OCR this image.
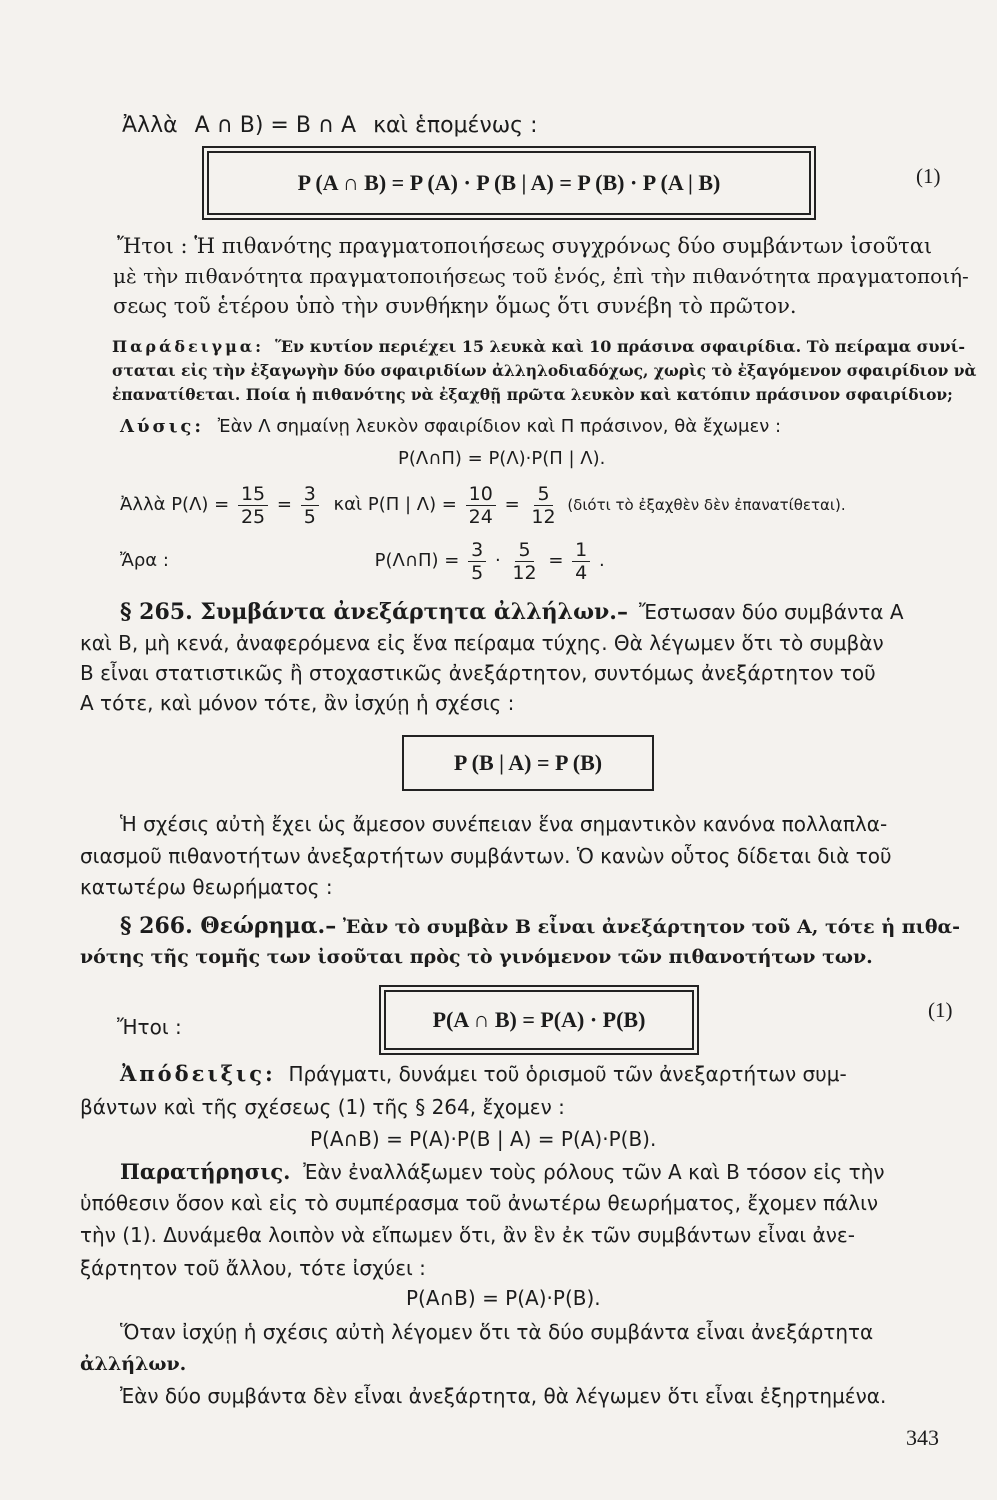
Ἀλλὰ A ∩ B) = B ∩ A καὶ ἑπομένως :
P (A ∩ B) = P (A) · P (B | A) = P (B) · P (A | B)	(1)
Ἤτοι : Ἡ πιθανότης πραγματοποιήσεως συγχρόνως δύο συμβάντων ἰσοῦται
μὲ τὴν πιθανότητα πραγματοποιήσεως τοῦ ἑνός, ἐπὶ τὴν πιθανότητα πραγματοποιή-
σεως τοῦ ἑτέρου ὑπὸ τὴν συνθήκην ὅμως ὅτι συνέβη τὸ πρῶτον.
Παράδειγμα: Ἕν κυτίον περιέχει 15 λευκὰ καὶ 10 πράσινα σφαιρίδια. Τὸ πείραμα συνί-
σταται εἰς τὴν ἐξαγωγὴν δύο σφαιριδίων ἀλληλοδιαδόχως, χωρὶς τὸ ἐξαγόμενον σφαιρίδιον νὰ
ἐπανατίθεται. Ποία ἡ πιθανότης νὰ ἐξαχθῇ πρῶτα λευκὸν καὶ κατόπιν πράσινον σφαιρίδιον;
Λύσις: Ἐὰν Λ σημαίνῃ λευκὸν σφαιρίδιον καὶ Π πράσινον, θὰ ἔχωμεν :
P(Λ∩Π) = P(Λ)·P(Π | Λ).
Ἀλλὰ $P(\Lambda) = \frac{15}{25} = \frac{3}{5}$ καὶ P(Π | $\Lambda) = \frac{10}{24} = \frac{5}{12} (\delta\iota ό\tau\iota$ τὸ ἐξαχθὲν δὲν ἐπανατίθεται).
Ἄρα :	P(Λ∩Π) = $\frac{3}{5} \cdot \frac{5}{12} = \frac{1}{4}$ .
§ 265. Συμβάντα ἀνεξάρτητα ἀλλήλων.– Ἔστωσαν δύο συμβάντα A
καὶ B, μὴ κενά, ἀναφερόμενα εἰς ἕνα πείραμα τύχης. Θὰ λέγωμεν ὅτι τὸ συμβὰν
B εἶναι στατιστικῶς ἢ στοχαστικῶς ἀνεξάρτητον, συντόμως ἀνεξάρτητον τοῦ
A τότε, καὶ μόνον τότε, ἂν ἰσχύῃ ἡ σχέσις :
P (B | A) = P (B)
Ἡ σχέσις αὐτὴ ἔχει ὡς ἄμεσον συνέπειαν ἕνα σημαντικὸν κανόνα πολλαπλα-
σιασμοῦ πιθανοτήτων ἀνεξαρτήτων συμβάντων. Ὁ κανὼν οὗτος δίδεται διὰ τοῦ
κατωτέρω θεωρήματος :
§ 266. Θεώρημα.– Ἐὰν τὸ συμβὰν B εἶναι ἀνεξάρτητον τοῦ A, τότε ἡ πιθα-
νότης τῆς τομῆς των ἰσοῦται πρὸς τὸ γινόμενον τῶν πιθανοτήτων των.
Ἤτοι :	P(A ∩ B) = P(A) · P(B)	(1)
Ἀπόδειξις: Πράγματι, δυνάμει τοῦ ὁρισμοῦ τῶν ἀνεξαρτήτων συμ-
βάντων καὶ τῆς σχέσεως (1) τῆς § 264, ἔχομεν :
P(A∩B) = P(A)·P(B | A) = P(A)·P(B).
Παρατήρησις. Ἐὰν ἐναλλάξωμεν τοὺς ρόλους τῶν A καὶ B τόσον εἰς τὴν
ὑπόθεσιν ὅσον καὶ εἰς τὸ συμπέρασμα τοῦ ἀνωτέρω θεωρήματος, ἔχομεν πάλιν
τὴν (1). Δυνάμεθα λοιπὸν νὰ εἴπωμεν ὅτι, ἂν ἓν ἐκ τῶν συμβάντων εἶναι ἀνε-
ξάρτητον τοῦ ἄλλου, τότε ἰσχύει :
P(A∩B) = P(A)·P(B).
Ὅταν ἰσχύῃ ἡ σχέσις αὐτὴ λέγομεν ὅτι τὰ δύο συμβάντα εἶναι ἀνεξάρτητα
ἀλλήλων.
Ἐὰν δύο συμβάντα δὲν εἶναι ἀνεξάρτητα, θὰ λέγωμεν ὅτι εἶναι ἐξηρτημένα.
343
